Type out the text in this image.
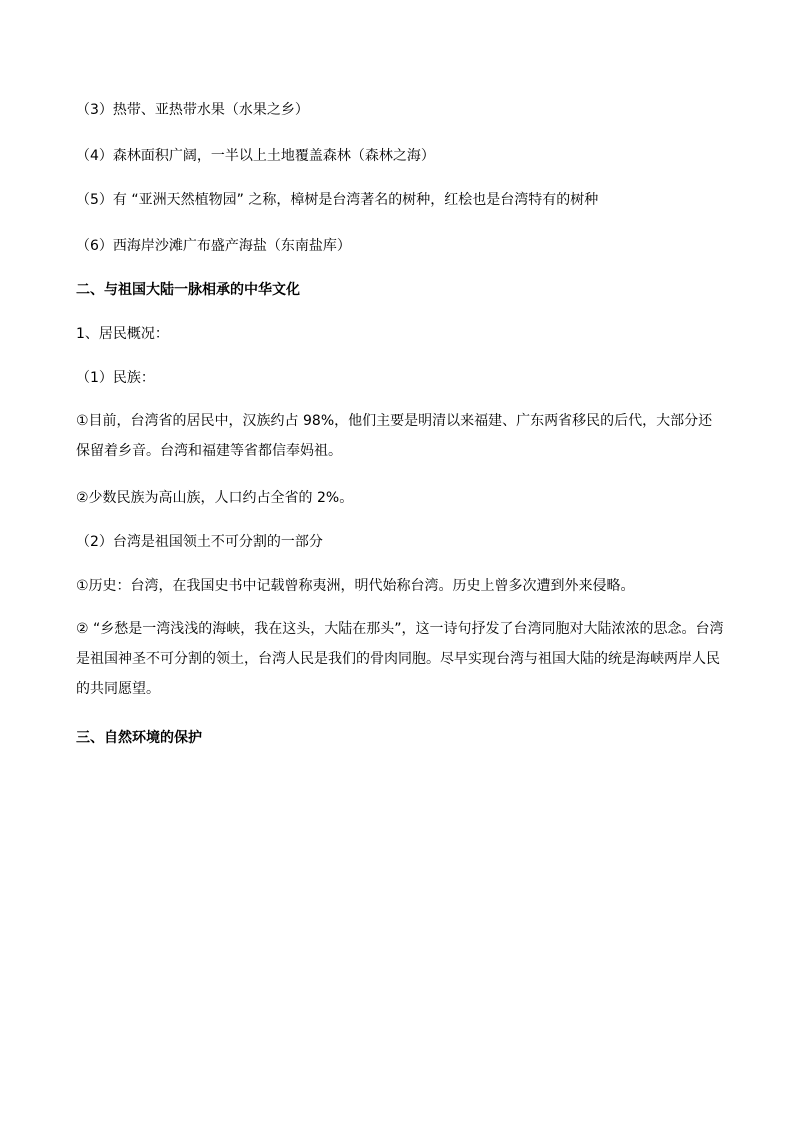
（3）热带、亚热带水果（水果之乡）
（4）森林面积广阔，一半以上土地覆盖森林（森林之海）
（5）有 “亚洲天然植物园” 之称，樟树是台湾著名的树种，红桧也是台湾特有的树种
（6）西海岸沙滩广布盛产海盐（东南盐库）
二、与祖国大陆一脉相承的中华文化
1、居民概况：
（1）民族：
①目前，台湾省的居民中，汉族约占 98%，他们主要是明清以来福建、广东两省移民的后代，大部分还保留着乡音。台湾和福建等省都信奉妈祖。
②少数民族为高山族，人口约占全省的 2%。
（2）台湾是祖国领土不可分割的一部分
①历史：台湾，在我国史书中记载曾称夷洲，明代始称台湾。历史上曾多次遭到外来侵略。
② “乡愁是一湾浅浅的海峡，我在这头，大陆在那头”，这一诗句抒发了台湾同胞对大陆浓浓的思念。台湾是祖国神圣不可分割的领土，台湾人民是我们的骨肉同胞。尽早实现台湾与祖国大陆的统是海峡两岸人民的共同愿望。
三、自然环境的保护
